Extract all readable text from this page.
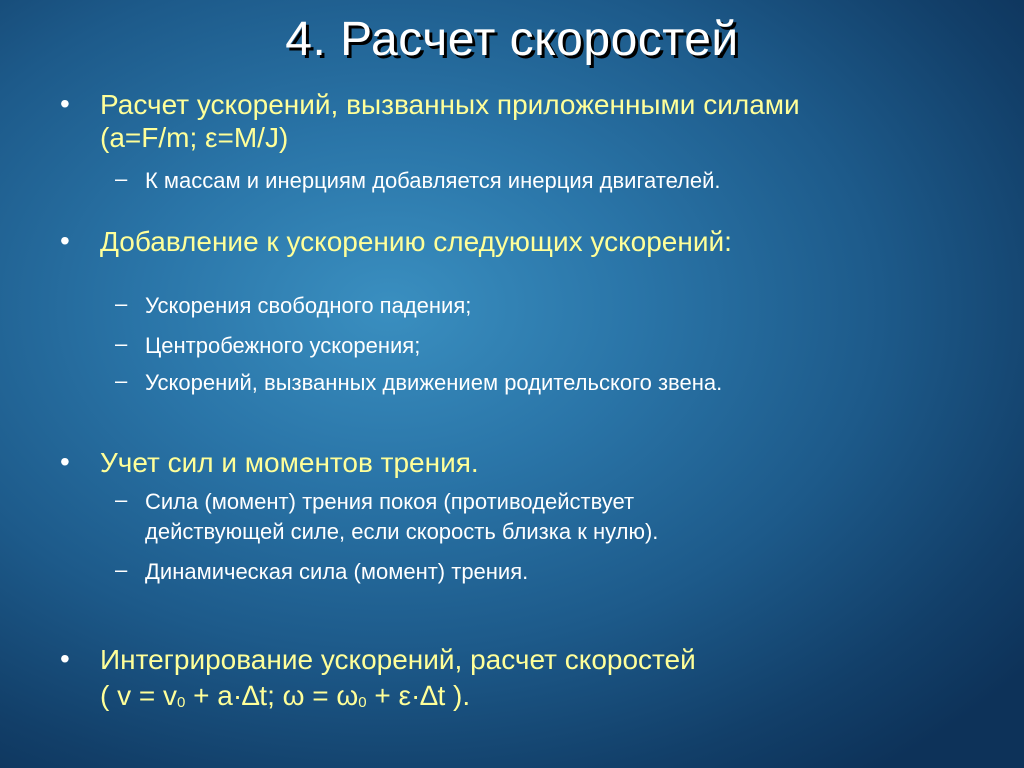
4. Расчет скоростей
• Расчет ускорений, вызванных приложенными силами
(a=F/m; ε=M/J)
– К массам и инерциям добавляется инерция двигателей.
• Добавление к ускорению следующих ускорений:
– Ускорения свободного падения;
– Центробежного ускорения;
– Ускорений, вызванных движением родительского звена.
• Учет сил и моментов трения.
– Сила (момент) трения покоя (противодействует
действующей силе, если скорость близка к нулю).
– Динамическая сила (момент) трения.
• Интегрирование ускорений, расчет скоростей
( $v = v_0 + a\cdot\Delta t$; $\omega = \omega_0 + \varepsilon\cdot\Delta t$ ).
